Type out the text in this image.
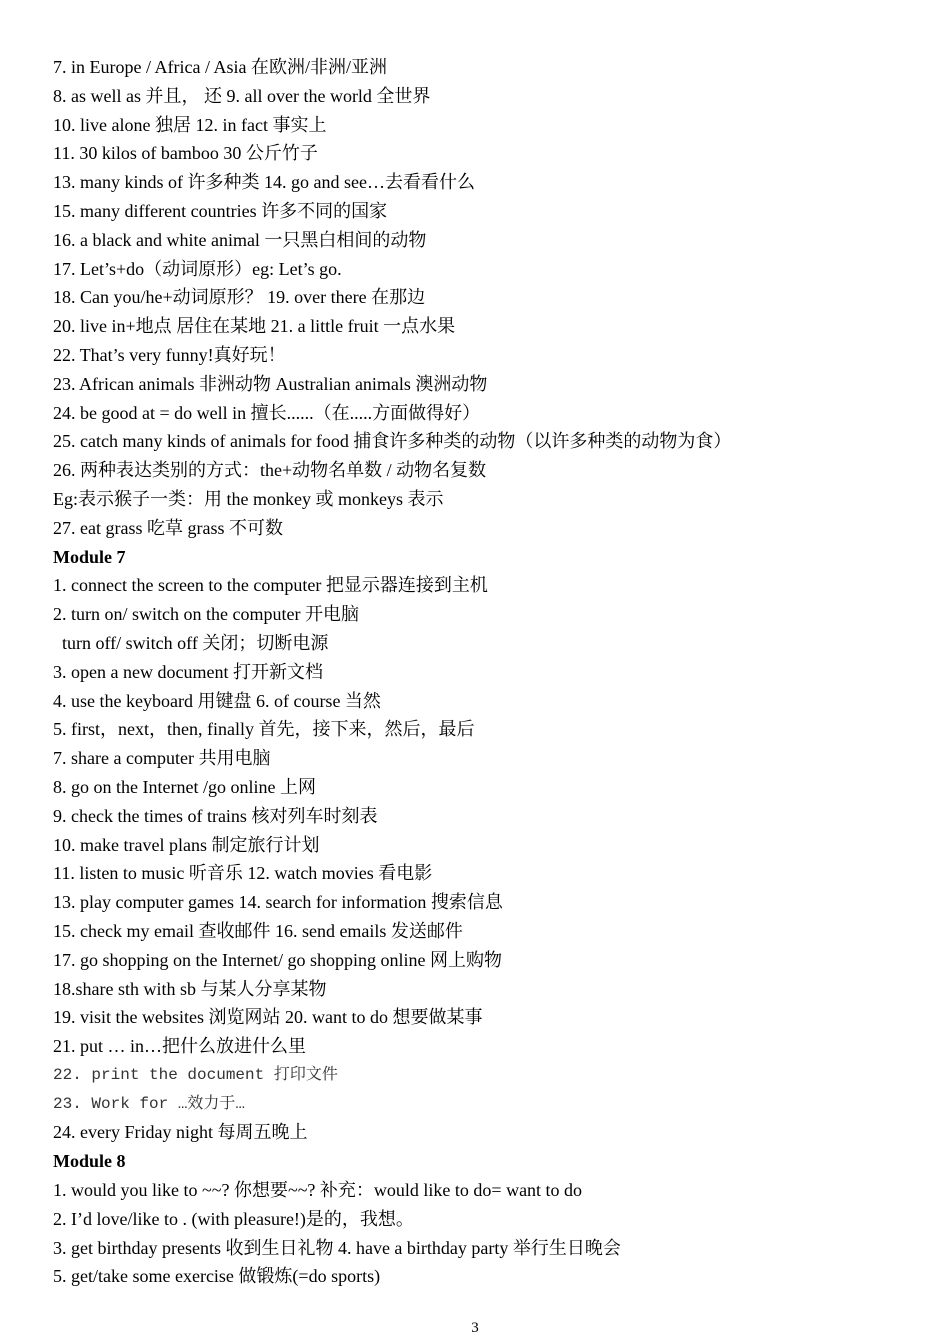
7. in Europe / Africa / Asia 在欧洲/非洲/亚洲
8. as well as 并且， 还 9. all over the world 全世界
10. live alone 独居 12. in fact 事实上
11. 30 kilos of bamboo 30 公斤竹子
13. many kinds of 许多种类 14. go and see…去看看什么
15. many different countries 许多不同的国家
16. a black and white animal 一只黑白相间的动物
17. Let’s+do（动词原形）eg: Let’s go.
18. Can you/he+动词原形？ 19. over there 在那边
20. live in+地点 居住在某地 21. a little fruit 一点水果
22. That’s very funny!真好玩！
23. African animals 非洲动物 Australian animals 澳洲动物
24. be good at = do well in 擅长......（在.....方面做得好）
25. catch many kinds of animals for food 捕食许多种类的动物（以许多种类的动物为食）
26. 两种表达类别的方式：the+动物名单数 / 动物名复数
Eg:表示猴子一类：用 the monkey 或 monkeys 表示
27. eat grass 吃草 grass 不可数
Module 7
1. connect the screen to the computer 把显示器连接到主机
2. turn on/ switch on the computer 开电脑
turn off/ switch off 关闭；切断电源
3. open a new document 打开新文档
4. use the keyboard 用键盘 6. of course 当然
5. first，next，then, finally 首先，接下来，然后，最后
7. share a computer 共用电脑
8. go on the Internet /go online 上网
9. check the times of trains 核对列车时刻表
10. make travel plans 制定旅行计划
11. listen to music 听音乐 12. watch movies 看电影
13. play computer games 14. search for information 搜索信息
15. check my email 查收邮件 16. send emails 发送邮件
17. go shopping on the Internet/ go shopping online 网上购物
18.share sth with sb 与某人分享某物
19. visit the websites 浏览网站 20. want to do 想要做某事
21. put … in…把什么放进什么里
22. print the document 打印文件
23. Work for …效力于…
24. every Friday night 每周五晚上
Module 8
1. would you like to ~~? 你想要~~? 补充：would like to do= want to do
2. I’d love/like to . (with pleasure!)是的，我想。
3. get birthday presents 收到生日礼物 4. have a birthday party 举行生日晚会
5. get/take some exercise 做锻炼(=do sports)
3
